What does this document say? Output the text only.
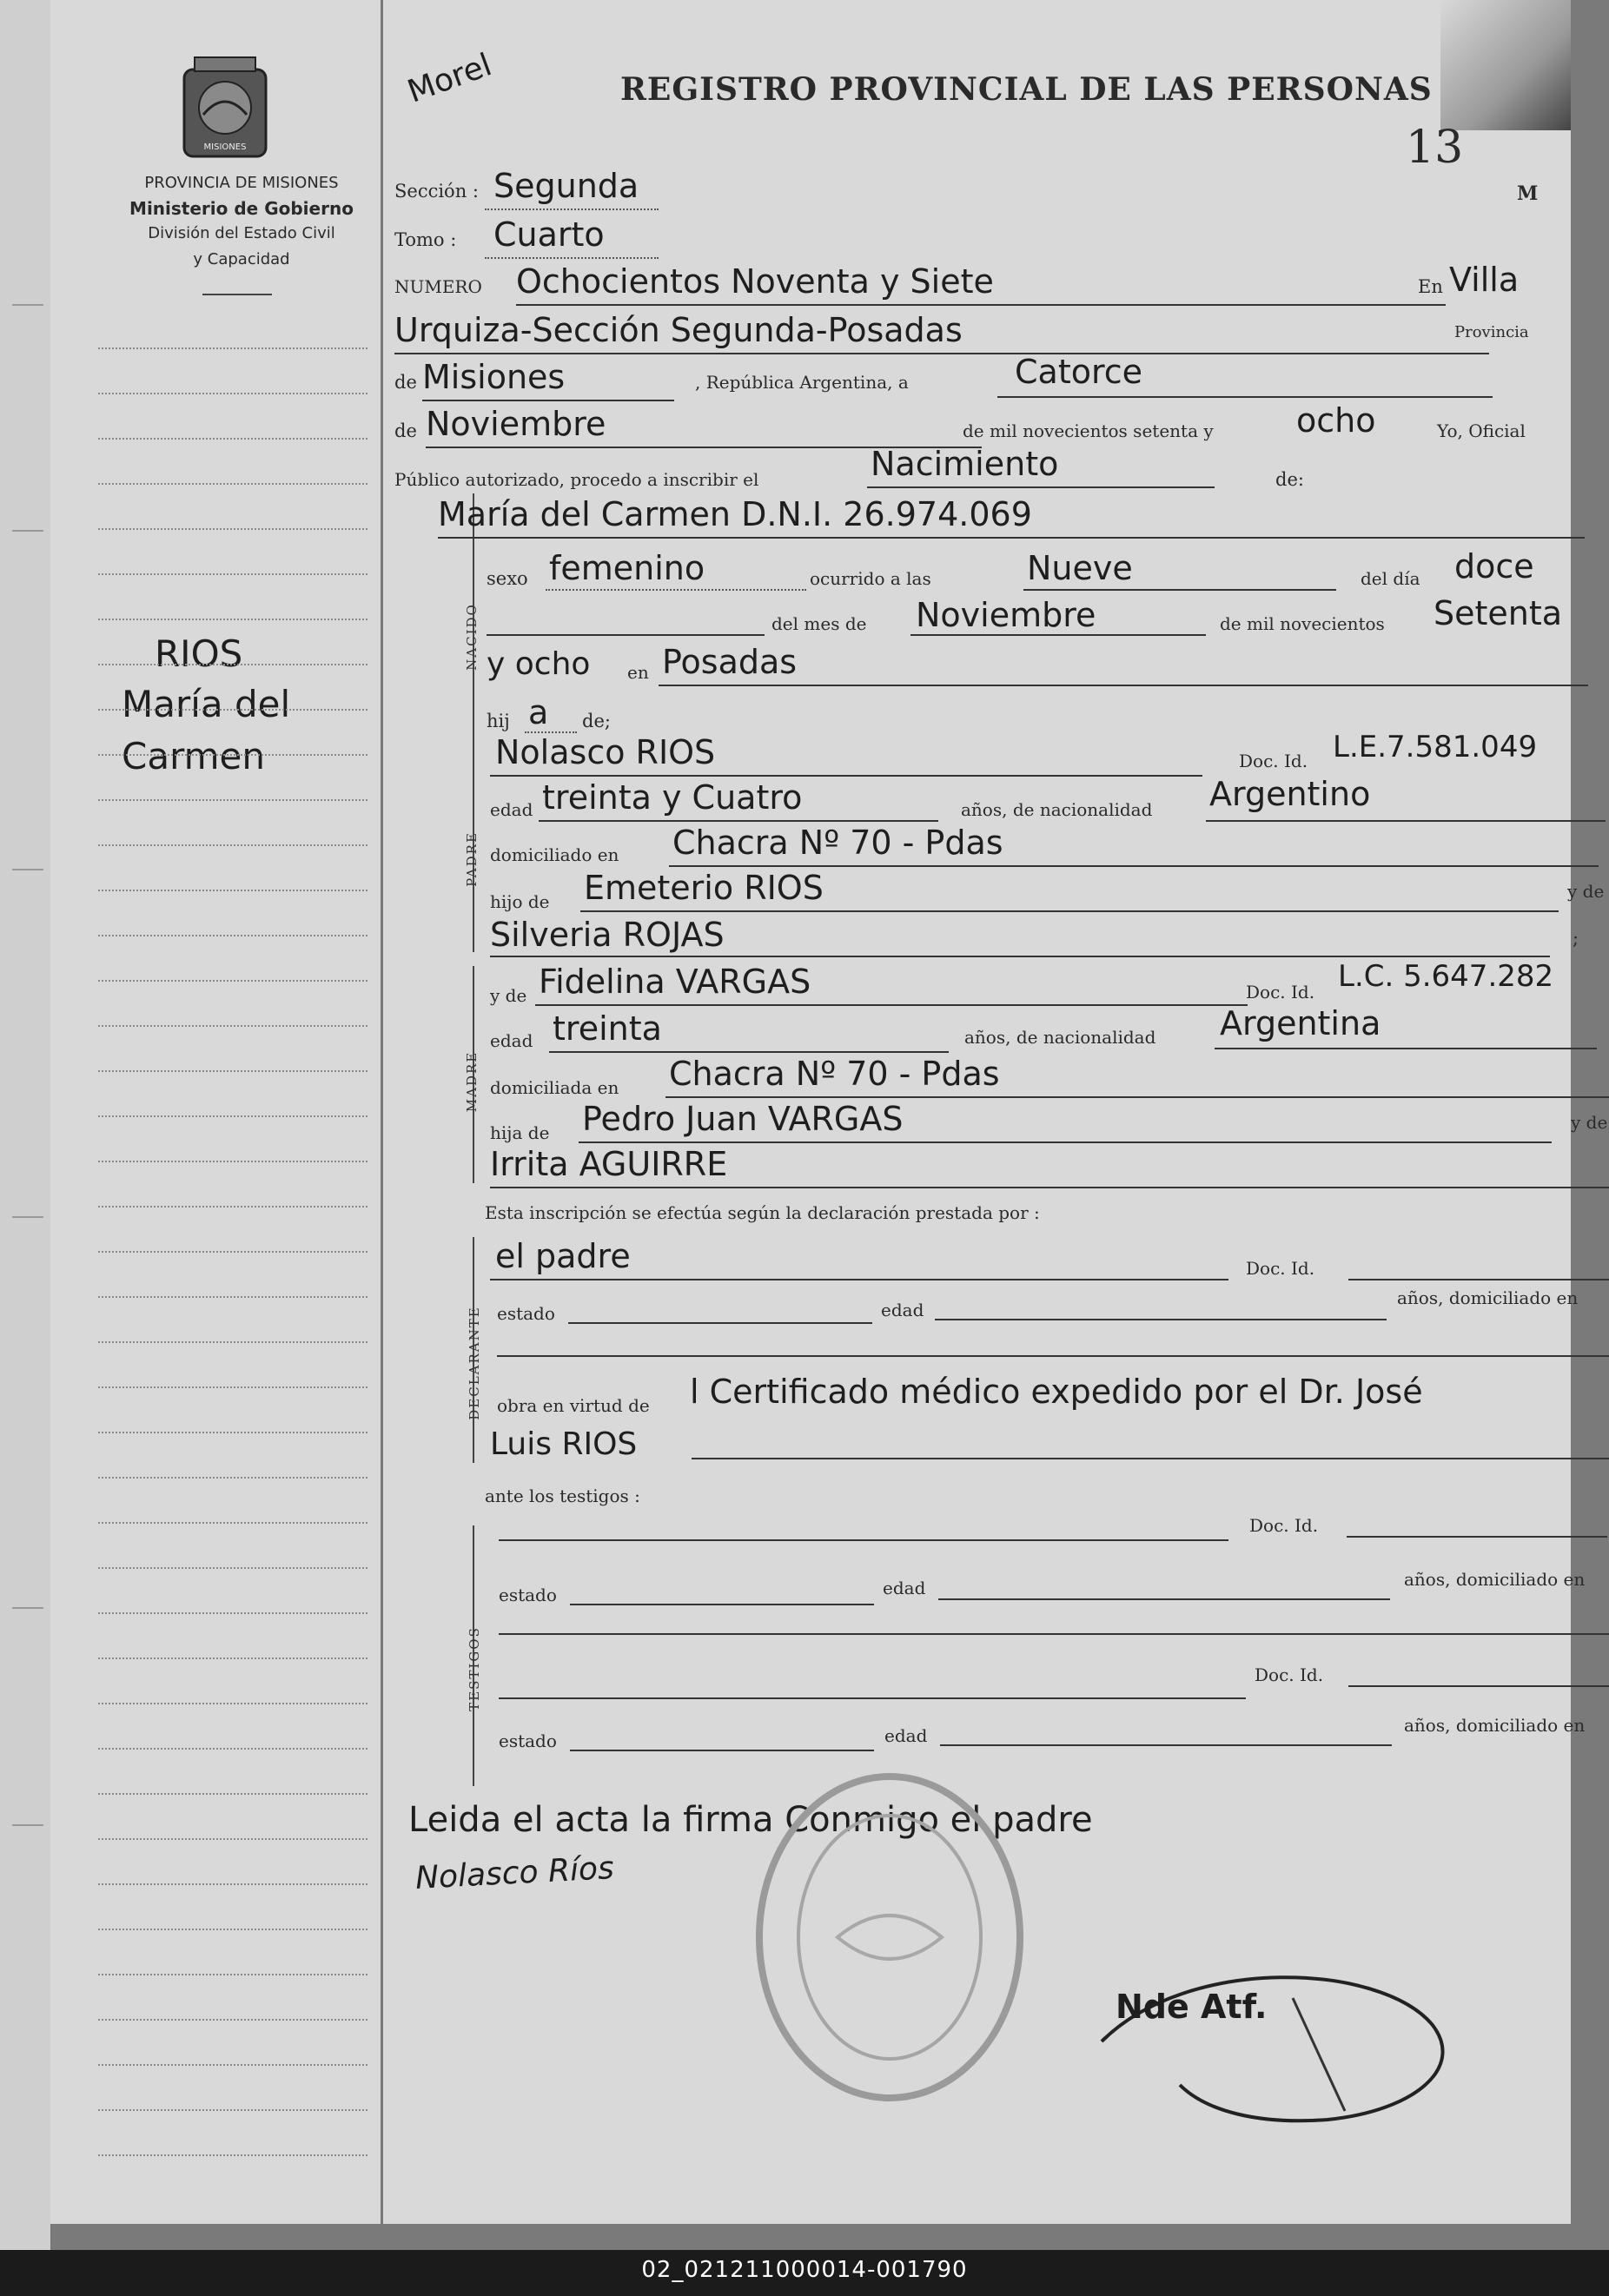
MISIONES
PROVINCIA DE MISIONES
Ministerio de Gobierno
División del Estado Civil
y Capacidad
RIOS
María del
Carmen
Morel	REGISTRO PROVINCIAL DE LAS PERSONAS
13
M
Sección : Segunda
Tomo : Cuarto
NUMERO Ochocientos Noventa y Siete	En Villa
Urquiza-Sección Segunda-Posadas	Provincia
de Misiones	, República Argentina, a	Catorce
de Noviembre	de mil novecientos setenta y	ocho	Yo, Oficial
Público autorizado, procedo a inscribir el	Nacimiento	de:
NACIDO
María del Carmen D.N.I. 26.974.069
sexo femenino	ocurrido a las	Nueve	del día doce
del mes de Noviembre	de mil novecientos Setenta
y ocho en Posadas
hij a de;
PADRE
Nolasco RIOS	Doc. Id. L.E.7.581.049
edad treinta y Cuatro	años, de nacionalidad Argentino
domiciliado en Chacra Nº 70 - Pdas
hijo de Emeterio RIOS	y de
Silveria ROJAS	;
MADRE
y de Fidelina VARGAS	Doc. Id. L.C. 5.647.282
edad treinta	años, de nacionalidad Argentina
domiciliada en Chacra Nº 70 - Pdas
hija de Pedro Juan VARGAS	y de
Irrita AGUIRRE
Esta inscripción se efectúa según la declaración prestada por :
DECLARANTE
el padre	Doc. Id.
estado	edad
años, domiciliado en
obra en virtud de l Certificado médico expedido por el Dr. José
Luis RIOS
ante los testigos :
TESTIGOS
Doc. Id.
estado	edad	años, domiciliado en
Doc. Id.
estado	edad	años, domiciliado en
Leida el acta la firma Conmigo el padre
Nolasco Ríos
Nde Atf.
02_021211000014-001790
